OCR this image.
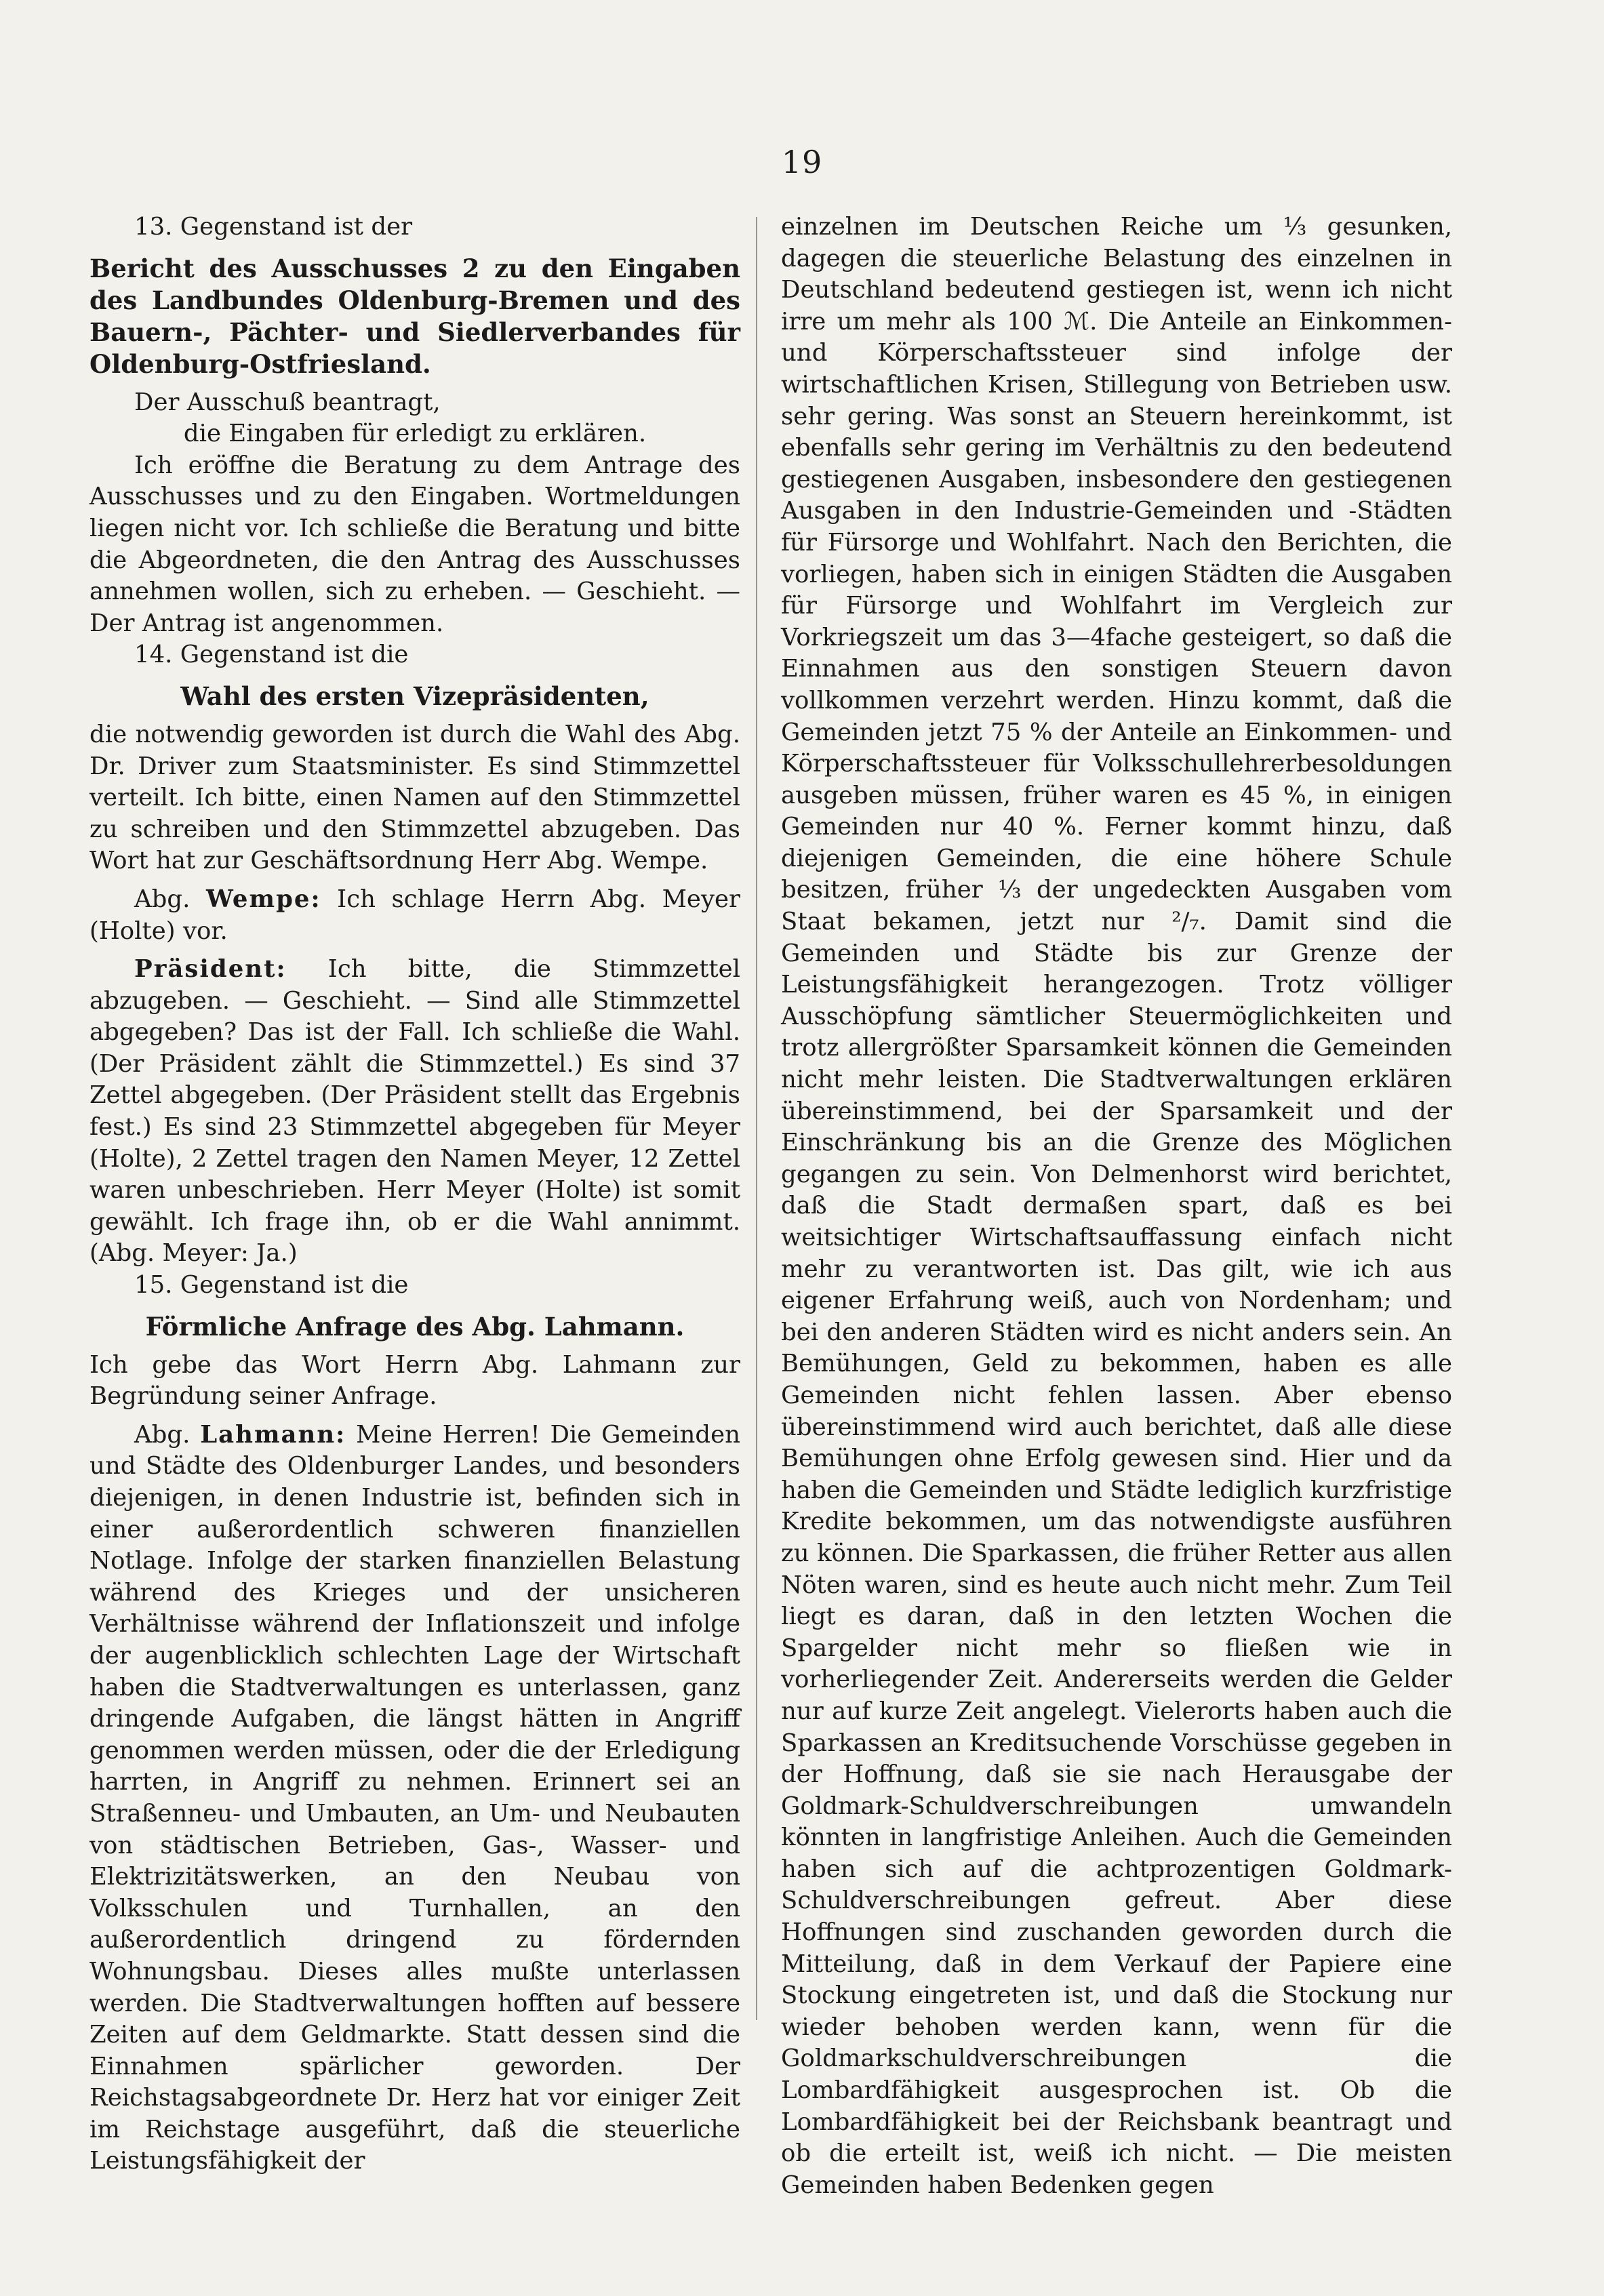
19

13. Gegenstand ist der

Bericht des Ausschusses 2 zu den Eingaben des Landbundes Oldenburg-Bremen und des Bauern-, Pächter- und Siedlerverbandes für Oldenburg-Ostfriesland.

Der Ausschuß beantragt,

die Eingaben für erledigt zu erklären.

Ich eröffne die Beratung zu dem Antrage des Ausschusses und zu den Eingaben. Wortmeldungen liegen nicht vor. Ich schließe die Beratung und bitte die Abgeordneten, die den Antrag des Ausschusses annehmen wollen, sich zu erheben. — Geschieht. — Der Antrag ist angenommen.

14. Gegenstand ist die

Wahl des ersten Vizepräsidenten,

die notwendig geworden ist durch die Wahl des Abg. Dr. Driver zum Staatsminister. Es sind Stimmzettel verteilt. Ich bitte, einen Namen auf den Stimmzettel zu schreiben und den Stimmzettel abzugeben. Das Wort hat zur Geschäftsordnung Herr Abg. Wempe.

Abg. Wempe: Ich schlage Herrn Abg. Meyer (Holte) vor.

Präsident: Ich bitte, die Stimmzettel abzugeben. — Geschieht. — Sind alle Stimmzettel abgegeben? Das ist der Fall. Ich schließe die Wahl. (Der Präsident zählt die Stimmzettel.) Es sind 37 Zettel abgegeben. (Der Präsident stellt das Ergebnis fest.) Es sind 23 Stimmzettel abgegeben für Meyer (Holte), 2 Zettel tragen den Namen Meyer, 12 Zettel waren unbeschrieben. Herr Meyer (Holte) ist somit gewählt. Ich frage ihn, ob er die Wahl annimmt. (Abg. Meyer: Ja.)

15. Gegenstand ist die

Förmliche Anfrage des Abg. Lahmann.

Ich gebe das Wort Herrn Abg. Lahmann zur Begründung seiner Anfrage.

Abg. Lahmann: Meine Herren! Die Gemeinden und Städte des Oldenburger Landes, und besonders diejenigen, in denen Industrie ist, befinden sich in einer außerordentlich schweren finanziellen Notlage. Infolge der starken finanziellen Belastung während des Krieges und der unsicheren Verhältnisse während der Inflationszeit und infolge der augenblicklich schlechten Lage der Wirtschaft haben die Stadtverwaltungen es unterlassen, ganz dringende Aufgaben, die längst hätten in Angriff genommen werden müssen, oder die der Erledigung harrten, in Angriff zu nehmen. Erinnert sei an Straßenneu- und Umbauten, an Um- und Neubauten von städtischen Betrieben, Gas-, Wasser- und Elektrizitätswerken, an den Neubau von Volksschulen und Turnhallen, an den außerordentlich dringend zu fördernden Wohnungsbau. Dieses alles mußte unterlassen werden. Die Stadtverwaltungen hofften auf bessere Zeiten auf dem Geldmarkte. Statt dessen sind die Einnahmen spärlicher geworden. Der Reichstagsabgeordnete Dr. Herz hat vor einiger Zeit im Reichstage ausgeführt, daß die steuerliche Leistungsfähigkeit der

einzelnen im Deutschen Reiche um ⅓ gesunken, dagegen die steuerliche Belastung des einzelnen in Deutschland bedeutend gestiegen ist, wenn ich nicht irre um mehr als 100 ℳ. Die Anteile an Einkommen- und Körperschaftssteuer sind infolge der wirtschaftlichen Krisen, Stillegung von Betrieben usw. sehr gering. Was sonst an Steuern hereinkommt, ist ebenfalls sehr gering im Verhältnis zu den bedeutend gestiegenen Ausgaben, insbesondere den gestiegenen Ausgaben in den Industrie-Gemeinden und -Städten für Fürsorge und Wohlfahrt. Nach den Berichten, die vorliegen, haben sich in einigen Städten die Ausgaben für Fürsorge und Wohlfahrt im Vergleich zur Vorkriegszeit um das 3—4fache gesteigert, so daß die Einnahmen aus den sonstigen Steuern davon vollkommen verzehrt werden. Hinzu kommt, daß die Gemeinden jetzt 75 % der Anteile an Einkommen- und Körperschaftssteuer für Volksschullehrerbesoldungen ausgeben müssen, früher waren es 45 %, in einigen Gemeinden nur 40 %. Ferner kommt hinzu, daß diejenigen Gemeinden, die eine höhere Schule besitzen, früher ⅓ der ungedeckten Ausgaben vom Staat bekamen, jetzt nur ²/₇. Damit sind die Gemeinden und Städte bis zur Grenze der Leistungsfähigkeit herangezogen. Trotz völliger Ausschöpfung sämtlicher Steuermöglichkeiten und trotz allergrößter Sparsamkeit können die Gemeinden nicht mehr leisten. Die Stadtverwaltungen erklären übereinstimmend, bei der Sparsamkeit und der Einschränkung bis an die Grenze des Möglichen gegangen zu sein. Von Delmenhorst wird berichtet, daß die Stadt dermaßen spart, daß es bei weitsichtiger Wirtschaftsauffassung einfach nicht mehr zu verantworten ist. Das gilt, wie ich aus eigener Erfahrung weiß, auch von Nordenham; und bei den anderen Städten wird es nicht anders sein. An Bemühungen, Geld zu bekommen, haben es alle Gemeinden nicht fehlen lassen. Aber ebenso übereinstimmend wird auch berichtet, daß alle diese Bemühungen ohne Erfolg gewesen sind. Hier und da haben die Gemeinden und Städte lediglich kurzfristige Kredite bekommen, um das notwendigste ausführen zu können. Die Sparkassen, die früher Retter aus allen Nöten waren, sind es heute auch nicht mehr. Zum Teil liegt es daran, daß in den letzten Wochen die Spargelder nicht mehr so fließen wie in vorherliegender Zeit. Andererseits werden die Gelder nur auf kurze Zeit angelegt. Vielerorts haben auch die Sparkassen an Kreditsuchende Vorschüsse gegeben in der Hoffnung, daß sie sie nach Herausgabe der Goldmark-Schuldverschreibungen umwandeln könnten in langfristige Anleihen. Auch die Gemeinden haben sich auf die achtprozentigen Goldmark-Schuldverschreibungen gefreut. Aber diese Hoffnungen sind zuschanden geworden durch die Mitteilung, daß in dem Verkauf der Papiere eine Stockung eingetreten ist, und daß die Stockung nur wieder behoben werden kann, wenn für die Goldmarkschuldverschreibungen die Lombardfähigkeit ausgesprochen ist. Ob die Lombardfähigkeit bei der Reichsbank beantragt und ob die erteilt ist, weiß ich nicht. — Die meisten Gemeinden haben Bedenken gegen
